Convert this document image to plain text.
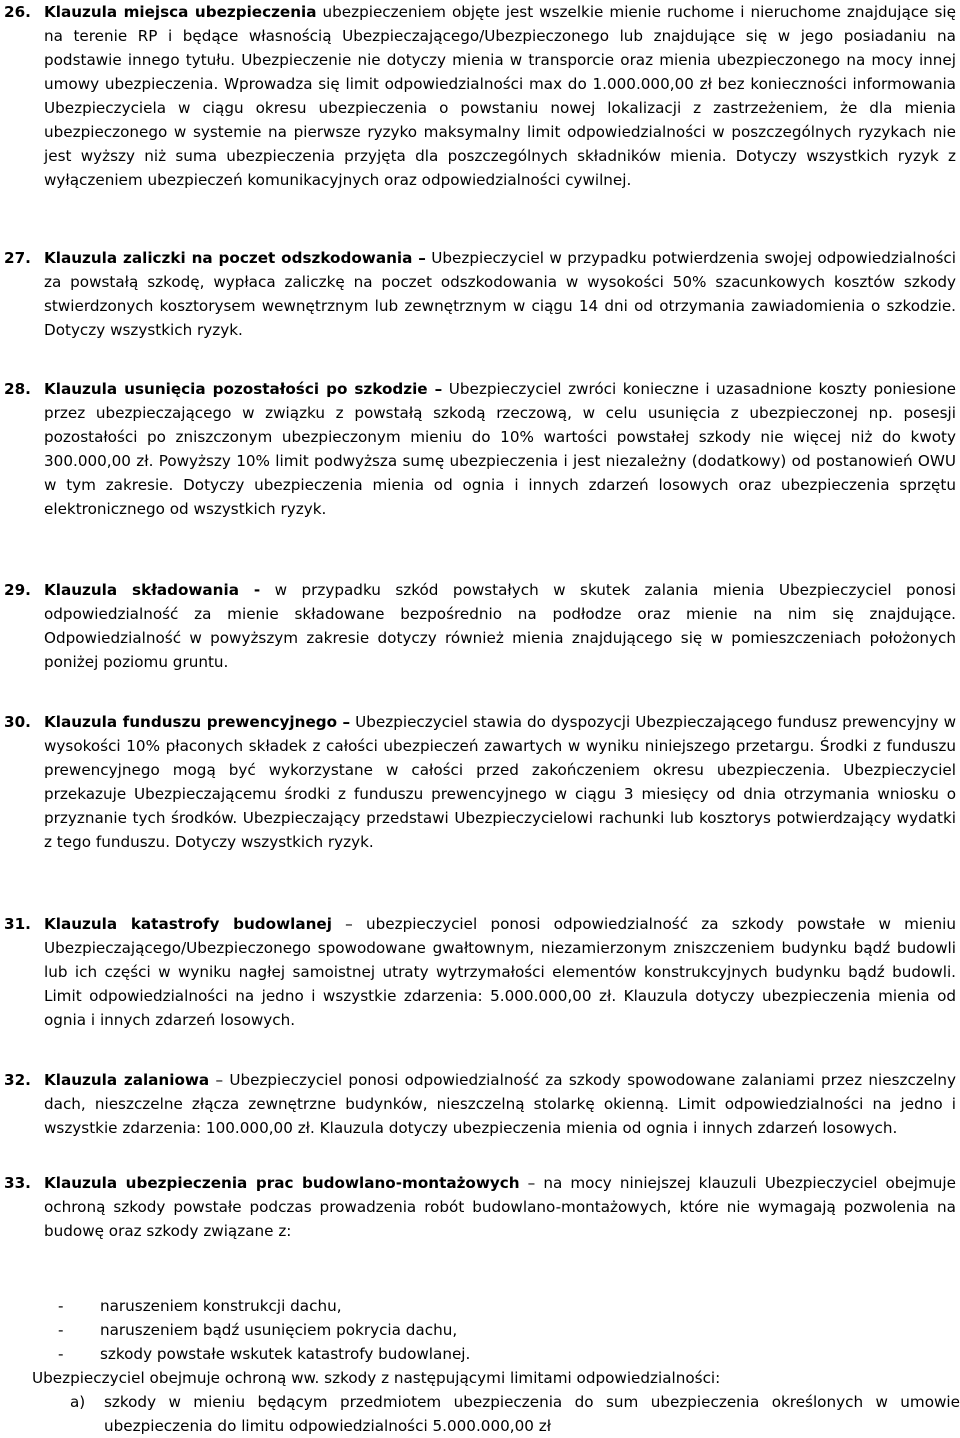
26. Klauzula miejsca ubezpieczenia ubezpieczeniem objęte jest wszelkie mienie ruchome i nieruchome znajdujące się na terenie RP i będące własnością Ubezpieczającego/Ubezpieczonego lub znajdujące się w jego posiadaniu na podstawie innego tytułu. Ubezpieczenie nie dotyczy mienia w transporcie oraz mienia ubezpieczonego na mocy innej umowy ubezpieczenia. Wprowadza się limit odpowiedzialności max do 1.000.000,00 zł bez konieczności informowania Ubezpieczyciela w ciągu okresu ubezpieczenia o powstaniu nowej lokalizacji z zastrzeżeniem, że dla mienia ubezpieczonego w systemie na pierwsze ryzyko maksymalny limit odpowiedzialności w poszczególnych ryzykach nie jest wyższy niż suma ubezpieczenia przyjęta dla poszczególnych składników mienia. Dotyczy wszystkich ryzyk z wyłączeniem ubezpieczeń komunikacyjnych oraz odpowiedzialności cywilnej.

27. Klauzula zaliczki na poczet odszkodowania – Ubezpieczyciel w przypadku potwierdzenia swojej odpowiedzialności za powstałą szkodę, wypłaca zaliczkę na poczet odszkodowania w wysokości 50% szacunkowych kosztów szkody stwierdzonych kosztorysem wewnętrznym lub zewnętrznym w ciągu 14 dni od otrzymania zawiadomienia o szkodzie. Dotyczy wszystkich ryzyk.

28. Klauzula usunięcia pozostałości po szkodzie – Ubezpieczyciel zwróci konieczne i uzasadnione koszty poniesione przez ubezpieczającego w związku z powstałą szkodą rzeczową, w celu usunięcia z ubezpieczonej np. posesji pozostałości po zniszczonym ubezpieczonym mieniu do 10% wartości powstałej szkody nie więcej niż do kwoty 300.000,00 zł. Powyższy 10% limit podwyższa sumę ubezpieczenia i jest niezależny (dodatkowy) od postanowień OWU w tym zakresie. Dotyczy ubezpieczenia mienia od ognia i innych zdarzeń losowych oraz ubezpieczenia sprzętu elektronicznego od wszystkich ryzyk.

29. Klauzula składowania - w przypadku szkód powstałych w skutek zalania mienia Ubezpieczyciel ponosi odpowiedzialność za mienie składowane bezpośrednio na podłodze oraz mienie na nim się znajdujące. Odpowiedzialność w powyższym zakresie dotyczy również mienia znajdującego się w pomieszczeniach położonych poniżej poziomu gruntu.

30. Klauzula funduszu prewencyjnego – Ubezpieczyciel stawia do dyspozycji Ubezpieczającego fundusz prewencyjny w wysokości 10% płaconych składek z całości ubezpieczeń zawartych w wyniku niniejszego przetargu. Środki z funduszu prewencyjnego mogą być wykorzystane w całości przed zakończeniem okresu ubezpieczenia. Ubezpieczyciel przekazuje Ubezpieczającemu środki z funduszu prewencyjnego w ciągu 3 miesięcy od dnia otrzymania wniosku o przyznanie tych środków. Ubezpieczający przedstawi Ubezpieczycielowi rachunki lub kosztorys potwierdzający wydatki z tego funduszu. Dotyczy wszystkich ryzyk.

31. Klauzula katastrofy budowlanej – ubezpieczyciel ponosi odpowiedzialność za szkody powstałe w mieniu Ubezpieczającego/Ubezpieczonego spowodowane gwałtownym, niezamierzonym zniszczeniem budynku bądź budowli lub ich części w wyniku nagłej samoistnej utraty wytrzymałości elementów konstrukcyjnych budynku bądź budowli. Limit odpowiedzialności na jedno i wszystkie zdarzenia: 5.000.000,00 zł. Klauzula dotyczy ubezpieczenia mienia od ognia i innych zdarzeń losowych.

32. Klauzula zalaniowa – Ubezpieczyciel ponosi odpowiedzialność za szkody spowodowane zalaniami przez nieszczelny dach, nieszczelne złącza zewnętrzne budynków, nieszczelną stolarkę okienną. Limit odpowiedzialności na jedno i wszystkie zdarzenia: 100.000,00 zł. Klauzula dotyczy ubezpieczenia mienia od ognia i innych zdarzeń losowych.

33. Klauzula ubezpieczenia prac budowlano-montażowych – na mocy niniejszej klauzuli Ubezpieczyciel obejmuje ochroną szkody powstałe podczas prowadzenia robót budowlano-montażowych, które nie wymagają pozwolenia na budowę oraz szkody związane z:

- naruszeniem konstrukcji dachu,
- naruszeniem bądź usunięciem pokrycia dachu,
- szkody powstałe wskutek katastrofy budowlanej.

Ubezpieczyciel obejmuje ochroną ww. szkody z następującymi limitami odpowiedzialności:

a) szkody w mieniu będącym przedmiotem ubezpieczenia do sum ubezpieczenia określonych w umowie ubezpieczenia do limitu odpowiedzialności 5.000.000,00 zł
